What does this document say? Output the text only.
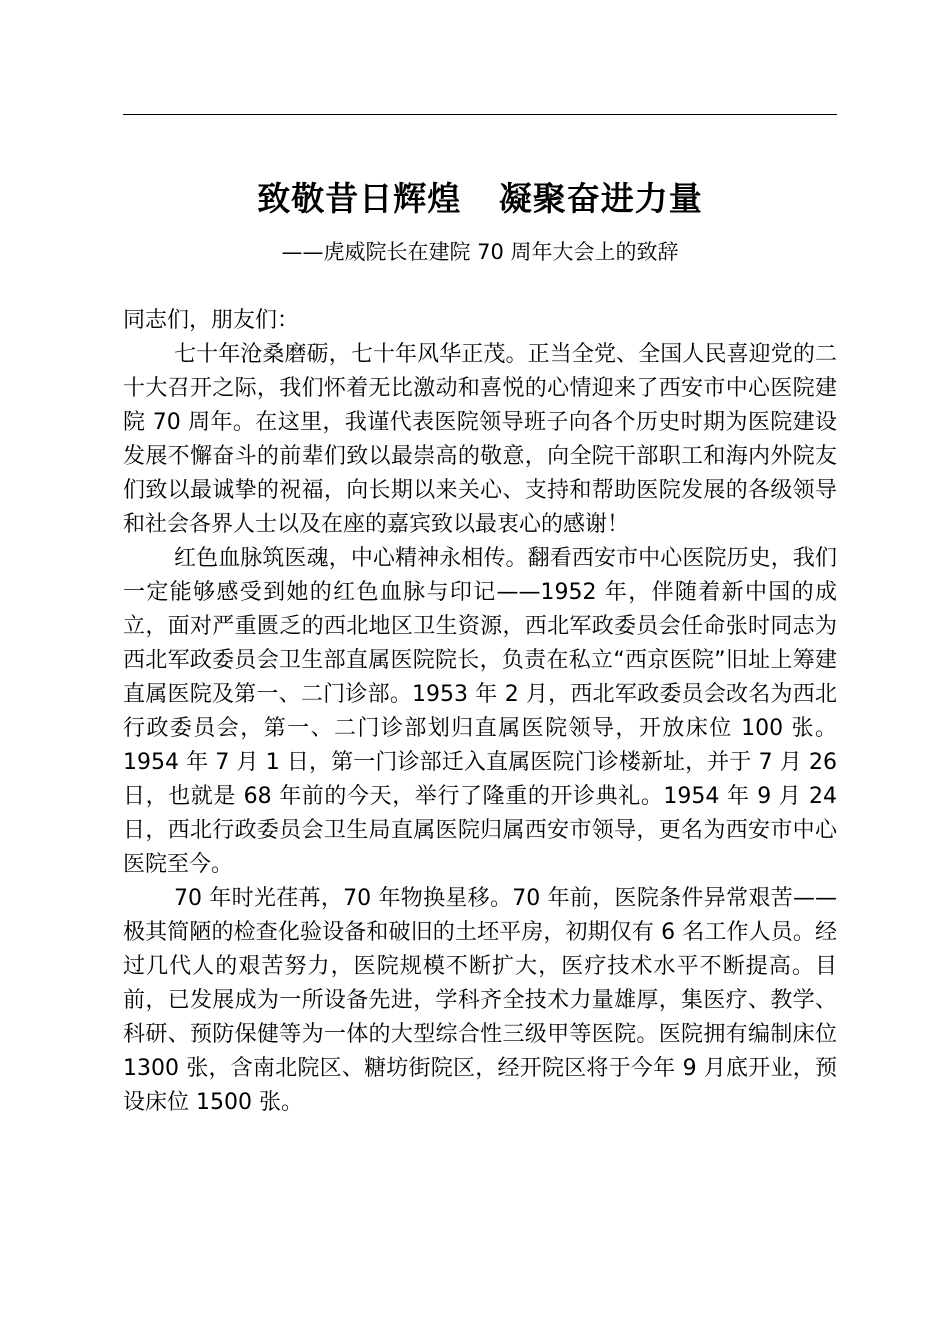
致敬昔日辉煌   凝聚奋进力量
——虎威院长在建院 70 周年大会上的致辞

同志们，朋友们：

七十年沧桑磨砺，七十年风华正茂。正当全党、全国人民喜迎党的二十大召开之际，我们怀着无比激动和喜悦的心情迎来了西安市中心医院建院 70 周年。在这里，我谨代表医院领导班子向各个历史时期为医院建设发展不懈奋斗的前辈们致以最崇高的敬意，向全院干部职工和海内外院友们致以最诚挚的祝福，向长期以来关心、支持和帮助医院发展的各级领导和社会各界人士以及在座的嘉宾致以最衷心的感谢！

红色血脉筑医魂，中心精神永相传。翻看西安市中心医院历史，我们一定能够感受到她的红色血脉与印记——1952 年，伴随着新中国的成立，面对严重匮乏的西北地区卫生资源，西北军政委员会任命张时同志为西北军政委员会卫生部直属医院院长，负责在私立“西京医院”旧址上筹建直属医院及第一、二门诊部。1953 年 2 月，西北军政委员会改名为西北行政委员会，第一、二门诊部划归直属医院领导，开放床位 100 张。1954 年 7 月 1 日，第一门诊部迁入直属医院门诊楼新址，并于 7 月 26 日，也就是 68 年前的今天，举行了隆重的开诊典礼。1954 年 9 月 24 日，西北行政委员会卫生局直属医院归属西安市领导，更名为西安市中心医院至今。

70 年时光荏苒，70 年物换星移。70 年前，医院条件异常艰苦——极其简陋的检查化验设备和破旧的土坯平房，初期仅有 6 名工作人员。经过几代人的艰苦努力，医院规模不断扩大，医疗技术水平不断提高。目前，已发展成为一所设备先进，学科齐全技术力量雄厚，集医疗、教学、科研、预防保健等为一体的大型综合性三级甲等医院。医院拥有编制床位 1300 张，含南北院区、糖坊街院区，经开院区将于今年 9 月底开业，预设床位 1500 张。
